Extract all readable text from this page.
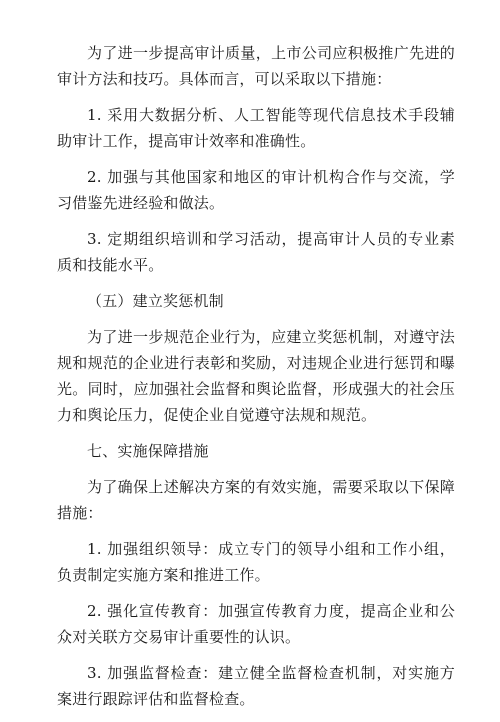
为了进一步提高审计质量，上市公司应积极推广先进的审计方法和技巧。具体而言，可以采取以下措施：

1. 采用大数据分析、人工智能等现代信息技术手段辅助审计工作，提高审计效率和准确性。

2. 加强与其他国家和地区的审计机构合作与交流，学习借鉴先进经验和做法。

3. 定期组织培训和学习活动，提高审计人员的专业素质和技能水平。

（五）建立奖惩机制

为了进一步规范企业行为，应建立奖惩机制，对遵守法规和规范的企业进行表彰和奖励，对违规企业进行惩罚和曝光。同时，应加强社会监督和舆论监督，形成强大的社会压力和舆论压力，促使企业自觉遵守法规和规范。

七、实施保障措施

为了确保上述解决方案的有效实施，需要采取以下保障措施：

1. 加强组织领导：成立专门的领导小组和工作小组，负责制定实施方案和推进工作。

2. 强化宣传教育：加强宣传教育力度，提高企业和公众对关联方交易审计重要性的认识。

3. 加强监督检查：建立健全监督检查机制，对实施方案进行跟踪评估和监督检查。
